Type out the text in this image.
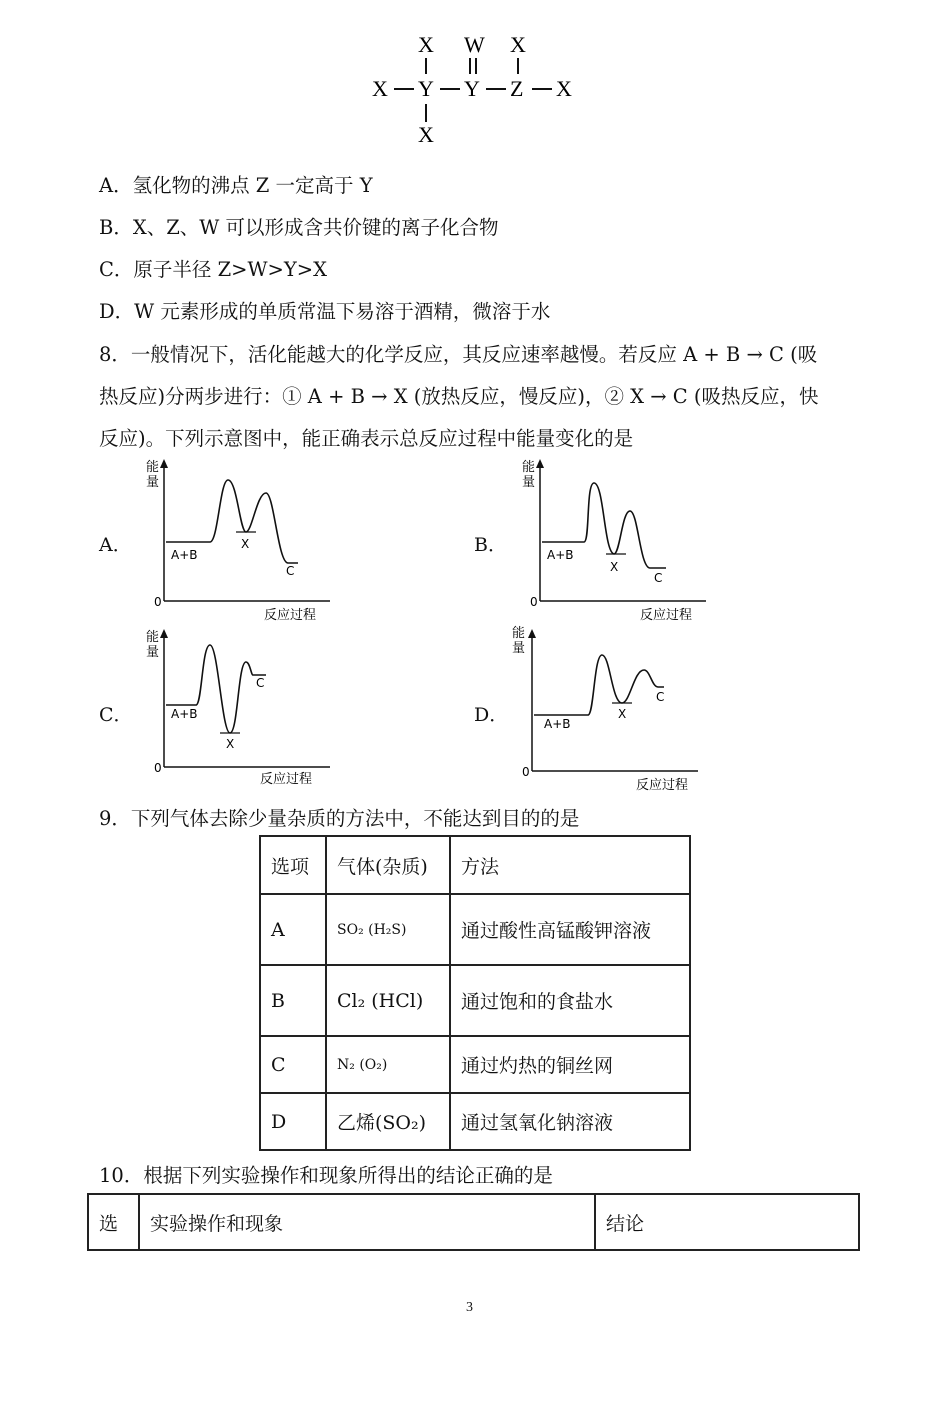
X W X
X Y Y Z X
X
A．氢化物的沸点 Z 一定高于 Y
B．X、Z、W 可以形成含共价键的离子化合物
C．原子半径 Z>W>Y>X
D．W 元素形成的单质常温下易溶于酒精，微溶于水
8．一般情况下，活化能越大的化学反应，其反应速率越慢。若反应 A + B → C (吸
热反应)分两步进行：① A + B → X (放热反应，慢反应)，② X → C (吸热反应，快
反应)。下列示意图中，能正确表示总反应过程中能量变化的是
A．	B．
C．	D．
能
量
0
反应过程
A+B
X
C
能
量
0
反应过程
A+B
X
C
能
量
0
反应过程
A+B
X
C
能
量
0
反应过程
A+B
X
C
9．下列气体去除少量杂质的方法中，不能达到目的的是
选项	气体(杂质)	方法
A	SO₂ (H₂S)	通过酸性高锰酸钾溶液
B	Cl₂ (HCl)	通过饱和的食盐水
C	N₂ (O₂)	通过灼热的铜丝网
D	乙烯(SO₂)	通过氢氧化钠溶液
10．根据下列实验操作和现象所得出的结论正确的是
选	实验操作和现象	结论
3
